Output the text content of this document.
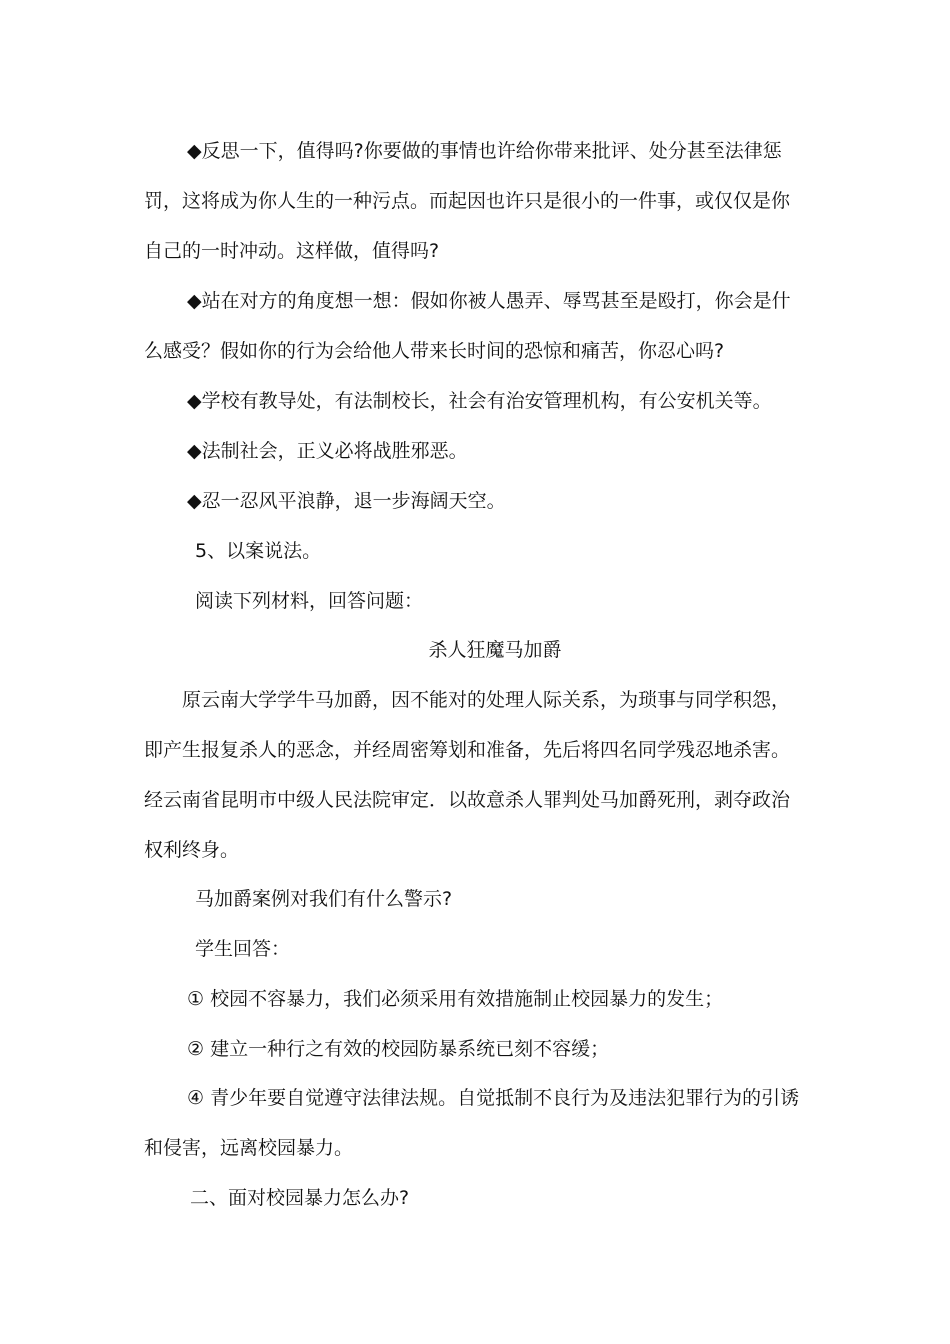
◆反思一下，值得吗?你要做的事情也许给你带来批评、处分甚至法律惩
罚，这将成为你人生的一种污点。而起因也许只是很小的一件事，或仅仅是你
自己的一时冲动。这样做，值得吗?
◆站在对方的角度想一想：假如你被人愚弄、辱骂甚至是殴打，你会是什
么感受？假如你的行为会给他人带来长时间的恐惊和痛苦，你忍心吗?
◆学校有教导处，有法制校长，社会有治安管理机构，有公安机关等。
◆法制社会，正义必将战胜邪恶。
◆忍一忍风平浪静，退一步海阔天空。
5、以案说法。
阅读下列材料，回答问题：
杀人狂魔马加爵
原云南大学学牛马加爵，因不能对的处理人际关系，为琐事与同学积怨，
即产生报复杀人的恶念，并经周密筹划和准备，先后将四名同学残忍地杀害。
经云南省昆明市中级人民法院审定．以故意杀人罪判处马加爵死刑，剥夺政治
权利终身。
马加爵案例对我们有什么警示?
学生回答：
① 校园不容暴力，我们必须采用有效措施制止校园暴力的发生；
② 建立一种行之有效的校园防暴系统已刻不容缓；
④ 青少年要自觉遵守法律法规。自觉抵制不良行为及违法犯罪行为的引诱
和侵害，远离校园暴力。
二、面对校园暴力怎么办?
